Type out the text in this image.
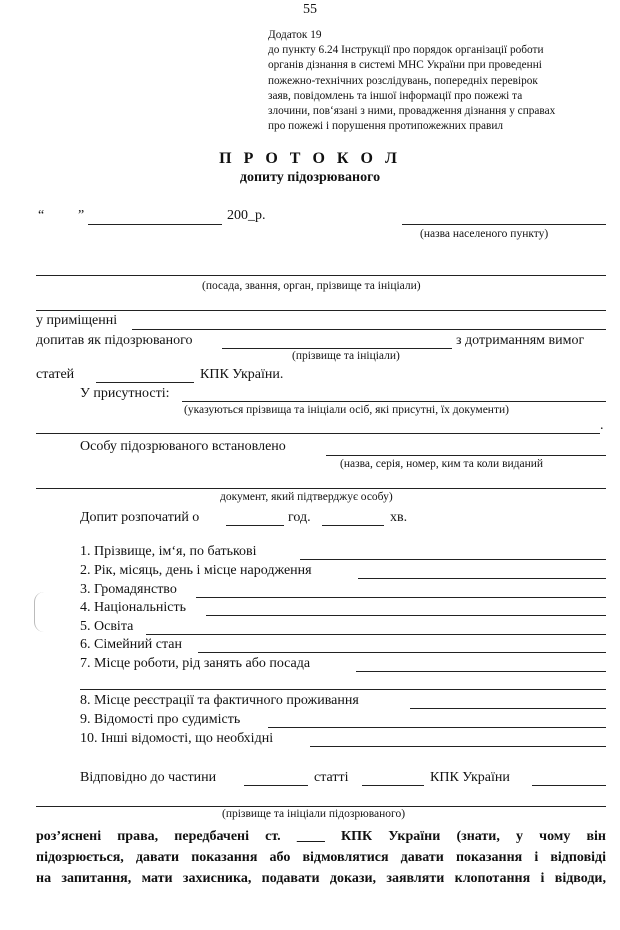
55
Додаток 19
до пункту 6.24 Інструкції про порядок організації роботи
органів дізнання в системі МНС України при проведенні
пожежно-технічних розслідувань, попередніх перевірок
заяв, повідомлень та іншої інформації про пожежі та
злочини, пов‘язані з ними, провадження дізнання у справах
про пожежі і порушення протипожежних правил
П Р О Т О К О Л
допиту підозрюваного
“ ”	200_р.
(назва населеного пункту)
(посада, звання, орган, прізвище та ініціали)
у приміщенні
допитав як підозрюваного	з дотриманням вимог
(прізвище та ініціали)
статей	КПК України.
У присутності:
(указуються прізвища та ініціали осіб, які присутні, їх документи)
.
Особу підозрюваного встановлено
(назва, серія, номер, ким та коли виданий
документ, який підтверджує особу)
Допит розпочатий о	год.	хв.
1. Прізвище, ім‘я, по батькові
2. Рік, місяць, день і місце народження
3. Громадянство
4. Національність
5. Освіта
6. Сімейний стан
7. Місце роботи, рід занять або посада
8. Місце реєстрації та фактичного проживання
9. Відомості про судимість
10. Інші відомості, що необхідні
Відповідно до частини	статті	КПК України
(прізвище та ініціали підозрюваного)
роз’яснені права, передбачені ст. ____ КПК України (знати, у чому він
підозрюється, давати показання або відмовлятися давати показання і відповіді
на запитання, мати захисника, подавати докази, заявляти клопотання і відводи,
